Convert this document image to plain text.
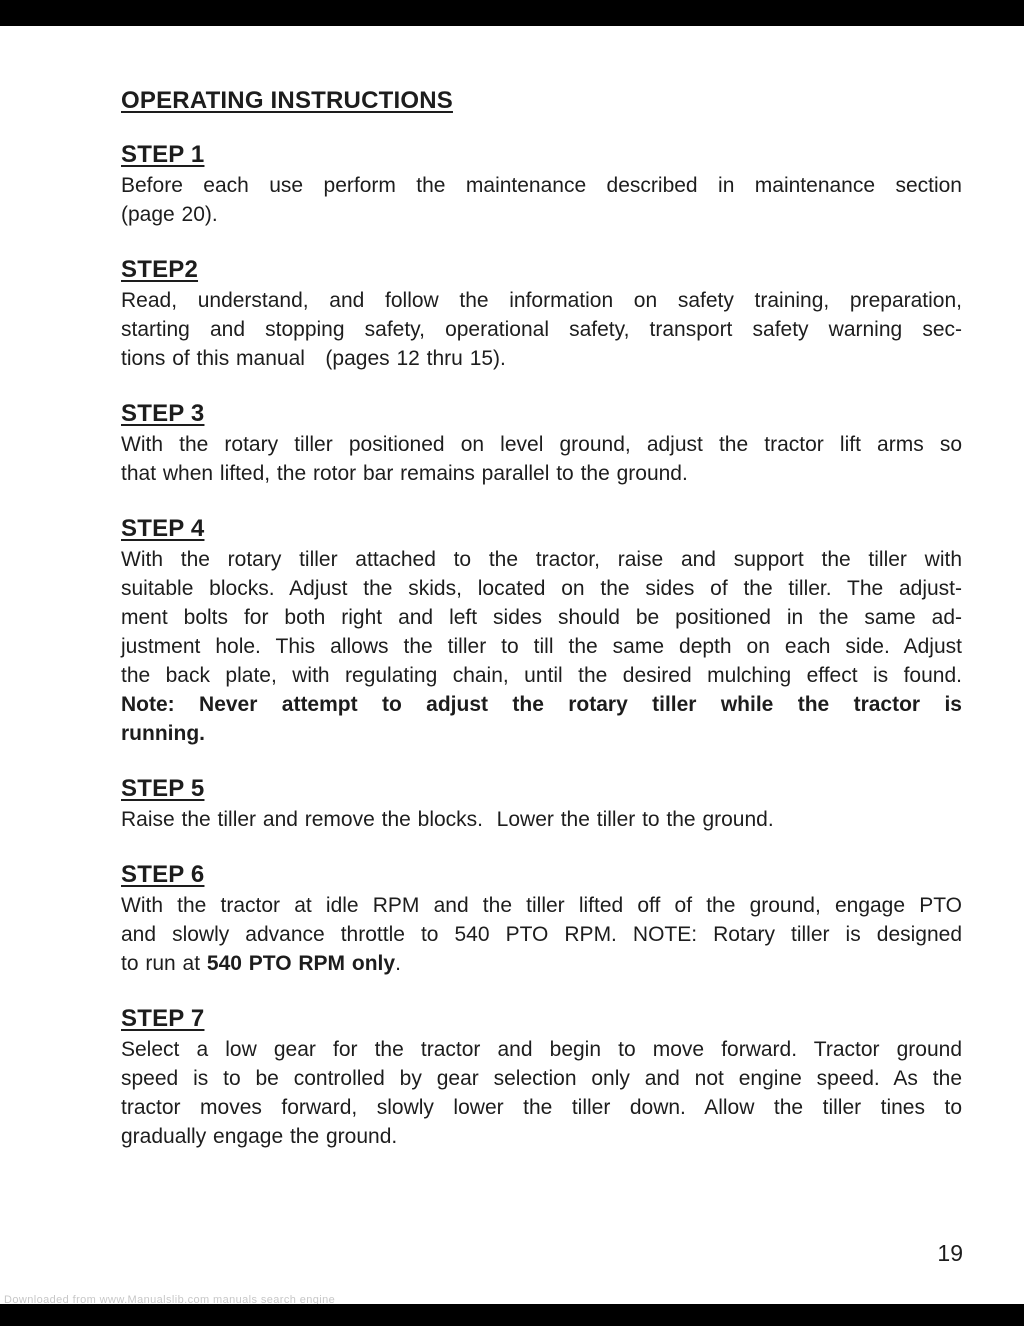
OPERATING INSTRUCTIONS
STEP 1
Before each use perform the maintenance described in maintenance section
(page 20).
STEP2
Read, understand, and follow the information on safety training, preparation,
starting and stopping safety, operational safety, transport safety warning sec-
tions of this manual   (pages 12 thru 15).
STEP 3
With the rotary tiller positioned on level ground, adjust the tractor lift arms so
that when lifted, the rotor bar remains parallel to the ground.
STEP 4
With the rotary tiller attached to the tractor, raise and support the tiller with
suitable blocks. Adjust the skids, located on the sides of the tiller. The adjust-
ment bolts for both right and left sides should be positioned in the same ad-
justment hole. This allows the tiller to till the same depth on each side. Adjust
the back plate, with regulating chain, until the desired mulching effect is found.
Note: Never attempt to adjust the rotary tiller while the tractor is
running.
STEP 5
Raise the tiller and remove the blocks.  Lower the tiller to the ground.
STEP 6
With the tractor at idle RPM and the tiller lifted off of the ground, engage PTO
and slowly advance throttle to 540 PTO RPM. NOTE: Rotary tiller is designed
to run at 540 PTO RPM only.
STEP 7
Select a low gear for the tractor and begin to move forward. Tractor ground
speed is to be controlled by gear selection only and not engine speed. As the
tractor moves forward, slowly lower the tiller down. Allow the tiller tines to
gradually engage the ground.
19
Downloaded from www.Manualslib.com manuals search engine
